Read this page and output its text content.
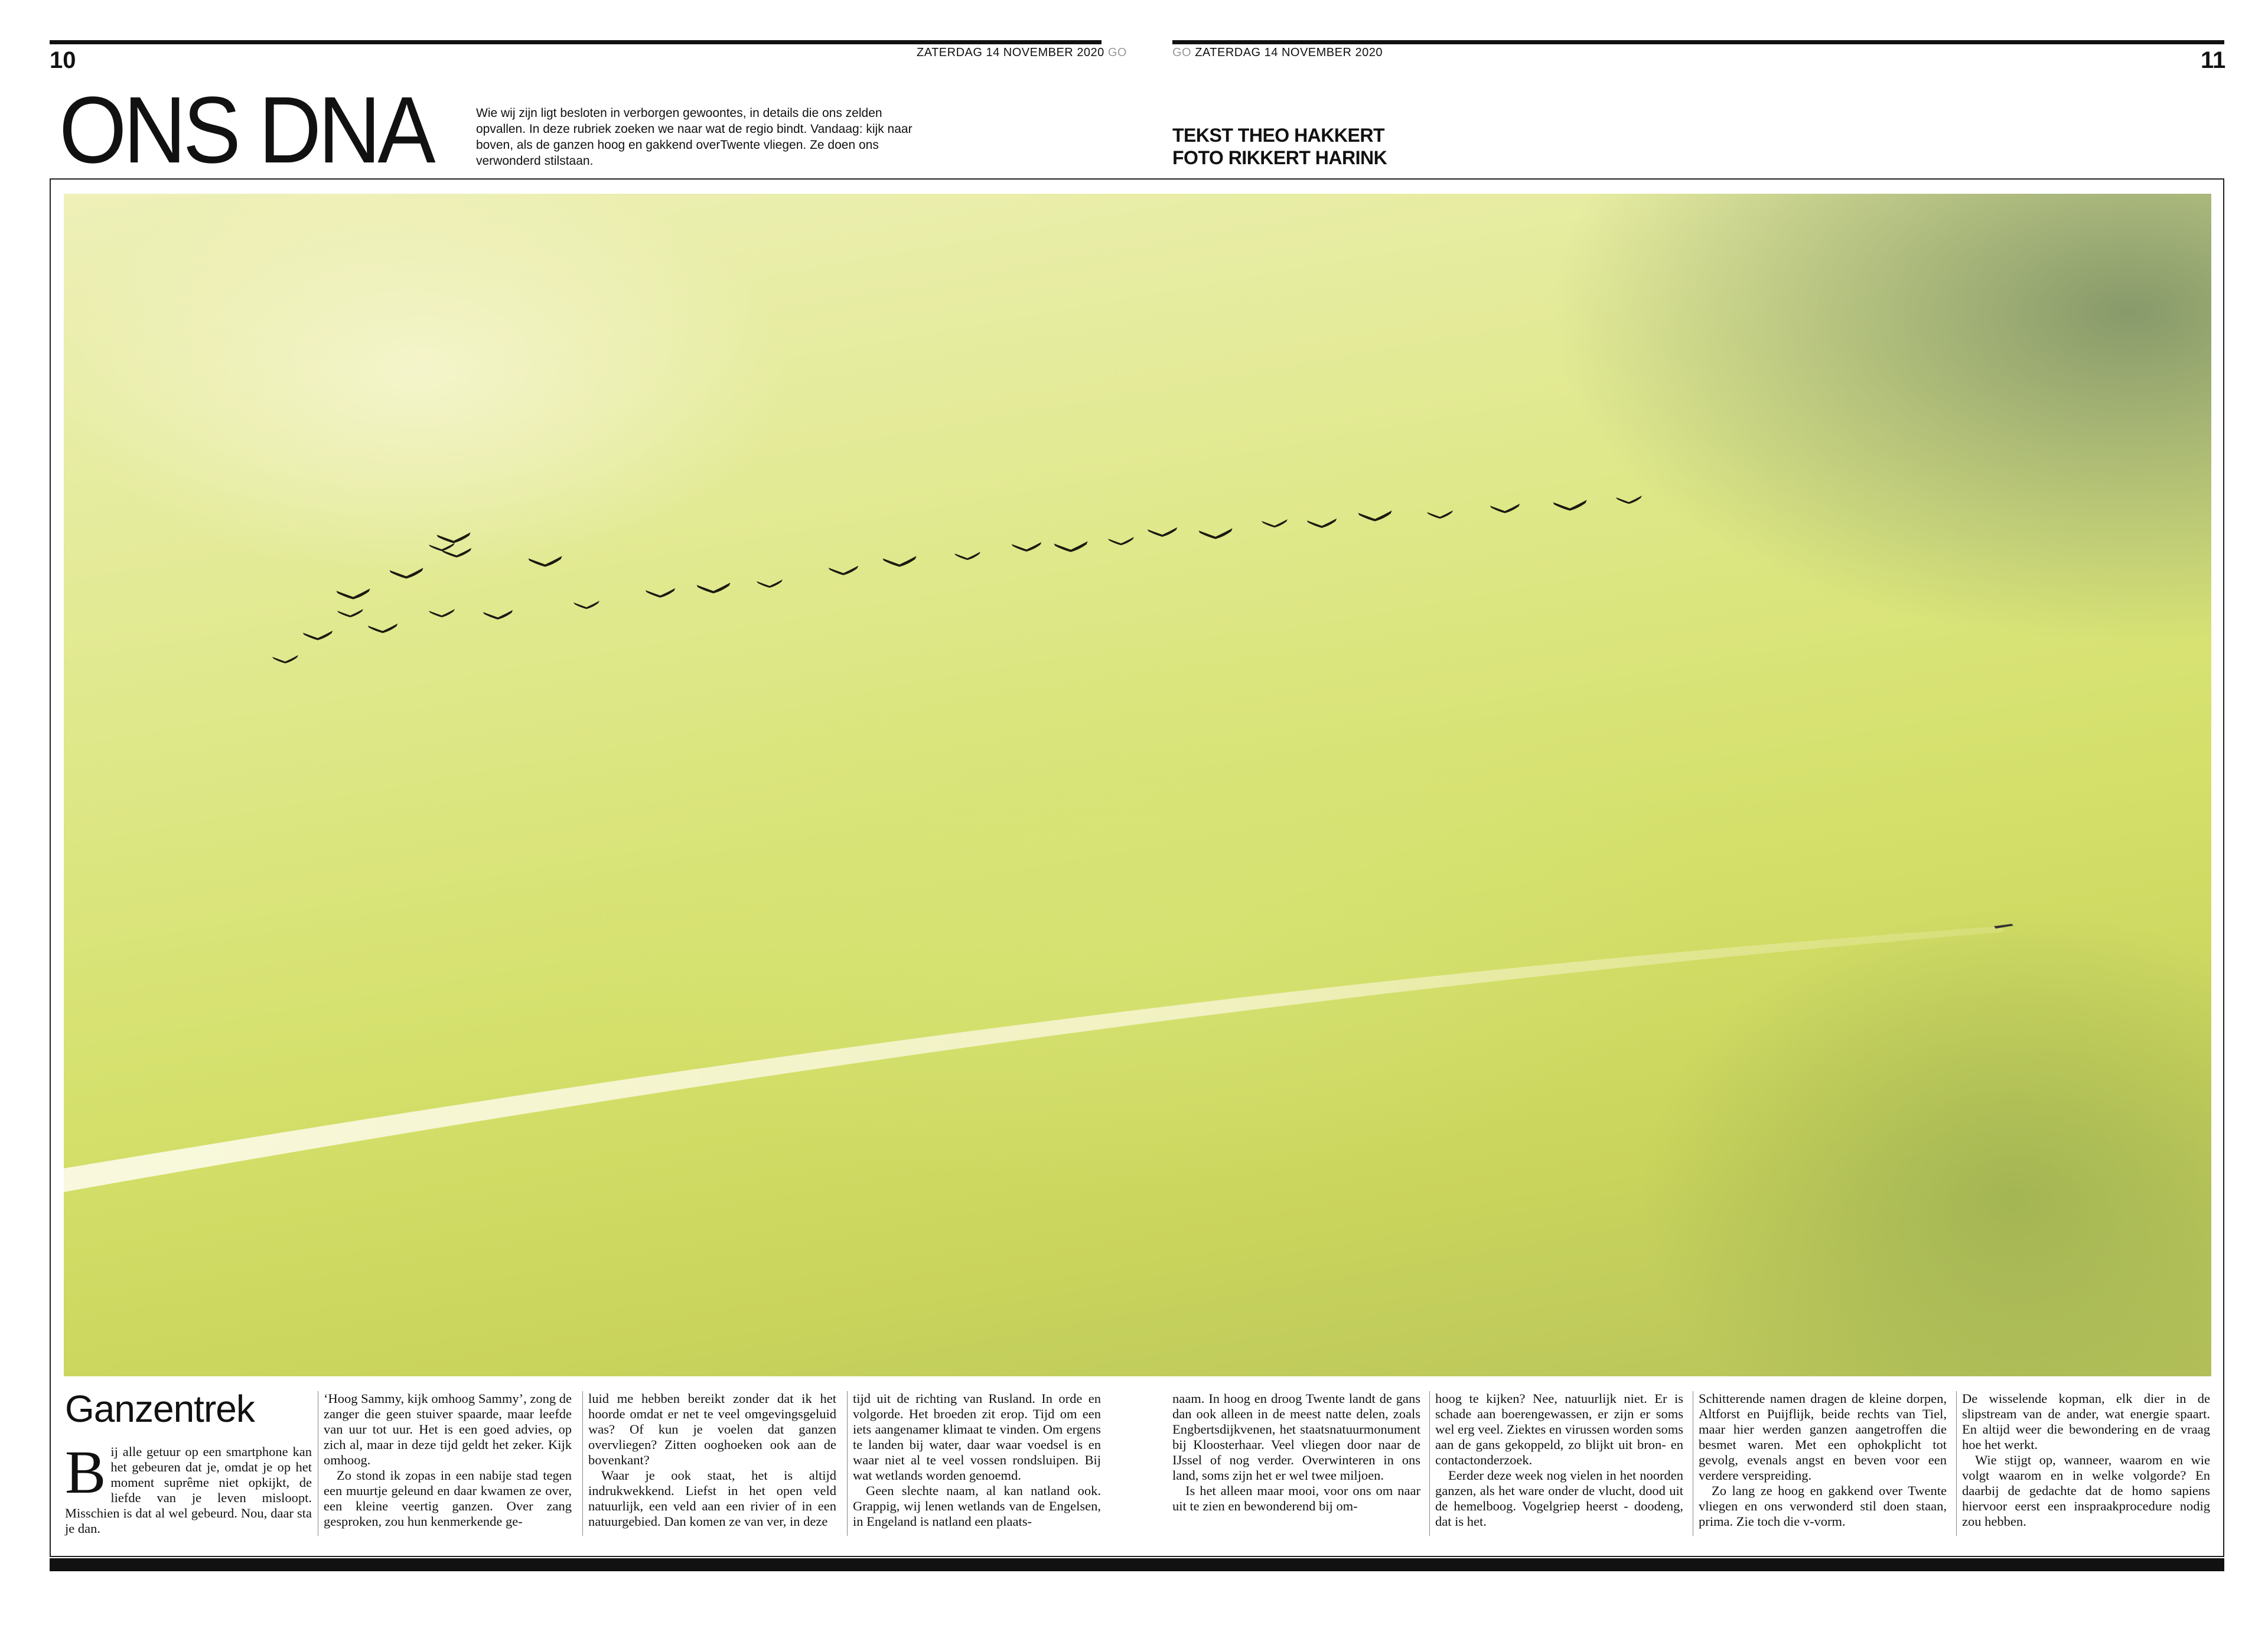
10	ZATERDAG 14 NOVEMBER 2020 GO	GO ZATERDAG 14 NOVEMBER 2020	11
ONS DNA	Wie wij zijn ligt besloten in verborgen gewoontes, in details die ons zelden opvallen. In deze rubriek zoeken we naar wat de regio bindt. Vandaag: kijk naar boven, als de ganzen hoog en gakkend overTwente vliegen. Ze doen ons verwonderd stilstaan.
TEKST THEO HAKKERT
FOTO RIKKERT HARINK
Ganzentrek
B ij alle getuur op een smartphone kan het gebeuren dat je, omdat je op het moment suprême niet opkijkt, de liefde van je leven misloopt. Misschien is dat al wel gebeurd. Nou, daar sta je dan.

‘Hoog Sammy, kijk omhoog Sammy’, zong de zanger die geen stuiver spaarde, maar leefde van uur tot uur. Het is een goed advies, op zich al, maar in deze tijd geldt het zeker. Kijk omhoog.

Zo stond ik zopas in een nabije stad tegen een muurtje geleund en daar kwamen ze over, een kleine veertig ganzen. Over zang gesproken, zou hun kenmerkende ge-

luid me hebben bereikt zonder dat ik het hoorde omdat er net te veel omgevingsgeluid was? Of kun je voelen dat ganzen overvliegen? Zitten ooghoeken ook aan de bovenkant?

Waar je ook staat, het is altijd indrukwekkend. Liefst in het open veld natuurlijk, een veld aan een rivier of in een natuurgebied. Dan komen ze van ver, in deze

tijd uit de richting van Rusland. In orde en volgorde. Het broeden zit erop. Tijd om een iets aangenamer klimaat te vinden. Om ergens te landen bij water, daar waar voedsel is en waar niet al te veel vossen rondsluipen. Bij wat wetlands worden genoemd.

Geen slechte naam, al kan natland ook. Grappig, wij lenen wetlands van de Engelsen, in Engeland is natland een plaats-

naam. In hoog en droog Twente landt de gans dan ook alleen in de meest natte delen, zoals Engbertsdijkvenen, het staatsnatuurmonument bij Kloosterhaar. Veel vliegen door naar de IJssel of nog verder. Overwinteren in ons land, soms zijn het er wel twee miljoen.

Is het alleen maar mooi, voor ons om naar uit te zien en bewonderend bij om-

hoog te kijken? Nee, natuurlijk niet. Er is schade aan boerengewassen, er zijn er soms wel erg veel. Ziektes en virussen worden soms aan de gans gekoppeld, zo blijkt uit bron- en contactonderzoek.

Eerder deze week nog vielen in het noorden ganzen, als het ware onder de vlucht, dood uit de hemelboog. Vogelgriep heerst - doodeng, dat is het.

Schitterende namen dragen de kleine dorpen, Altforst en Puijflijk, beide rechts van Tiel, maar hier werden ganzen aangetroffen die besmet waren. Met een ophokplicht tot gevolg, evenals angst en beven voor een verdere verspreiding.

Zo lang ze hoog en gakkend over Twente vliegen en ons verwonderd stil doen staan, prima. Zie toch die v-vorm.

De wisselende kopman, elk dier in de slipstream van de ander, wat energie spaart. En altijd weer die bewondering en de vraag hoe het werkt.

Wie stijgt op, wanneer, waarom en wie volgt waarom en in welke volgorde? En daarbij de gedachte dat de homo sapiens hiervoor eerst een inspraakprocedure nodig zou hebben.
